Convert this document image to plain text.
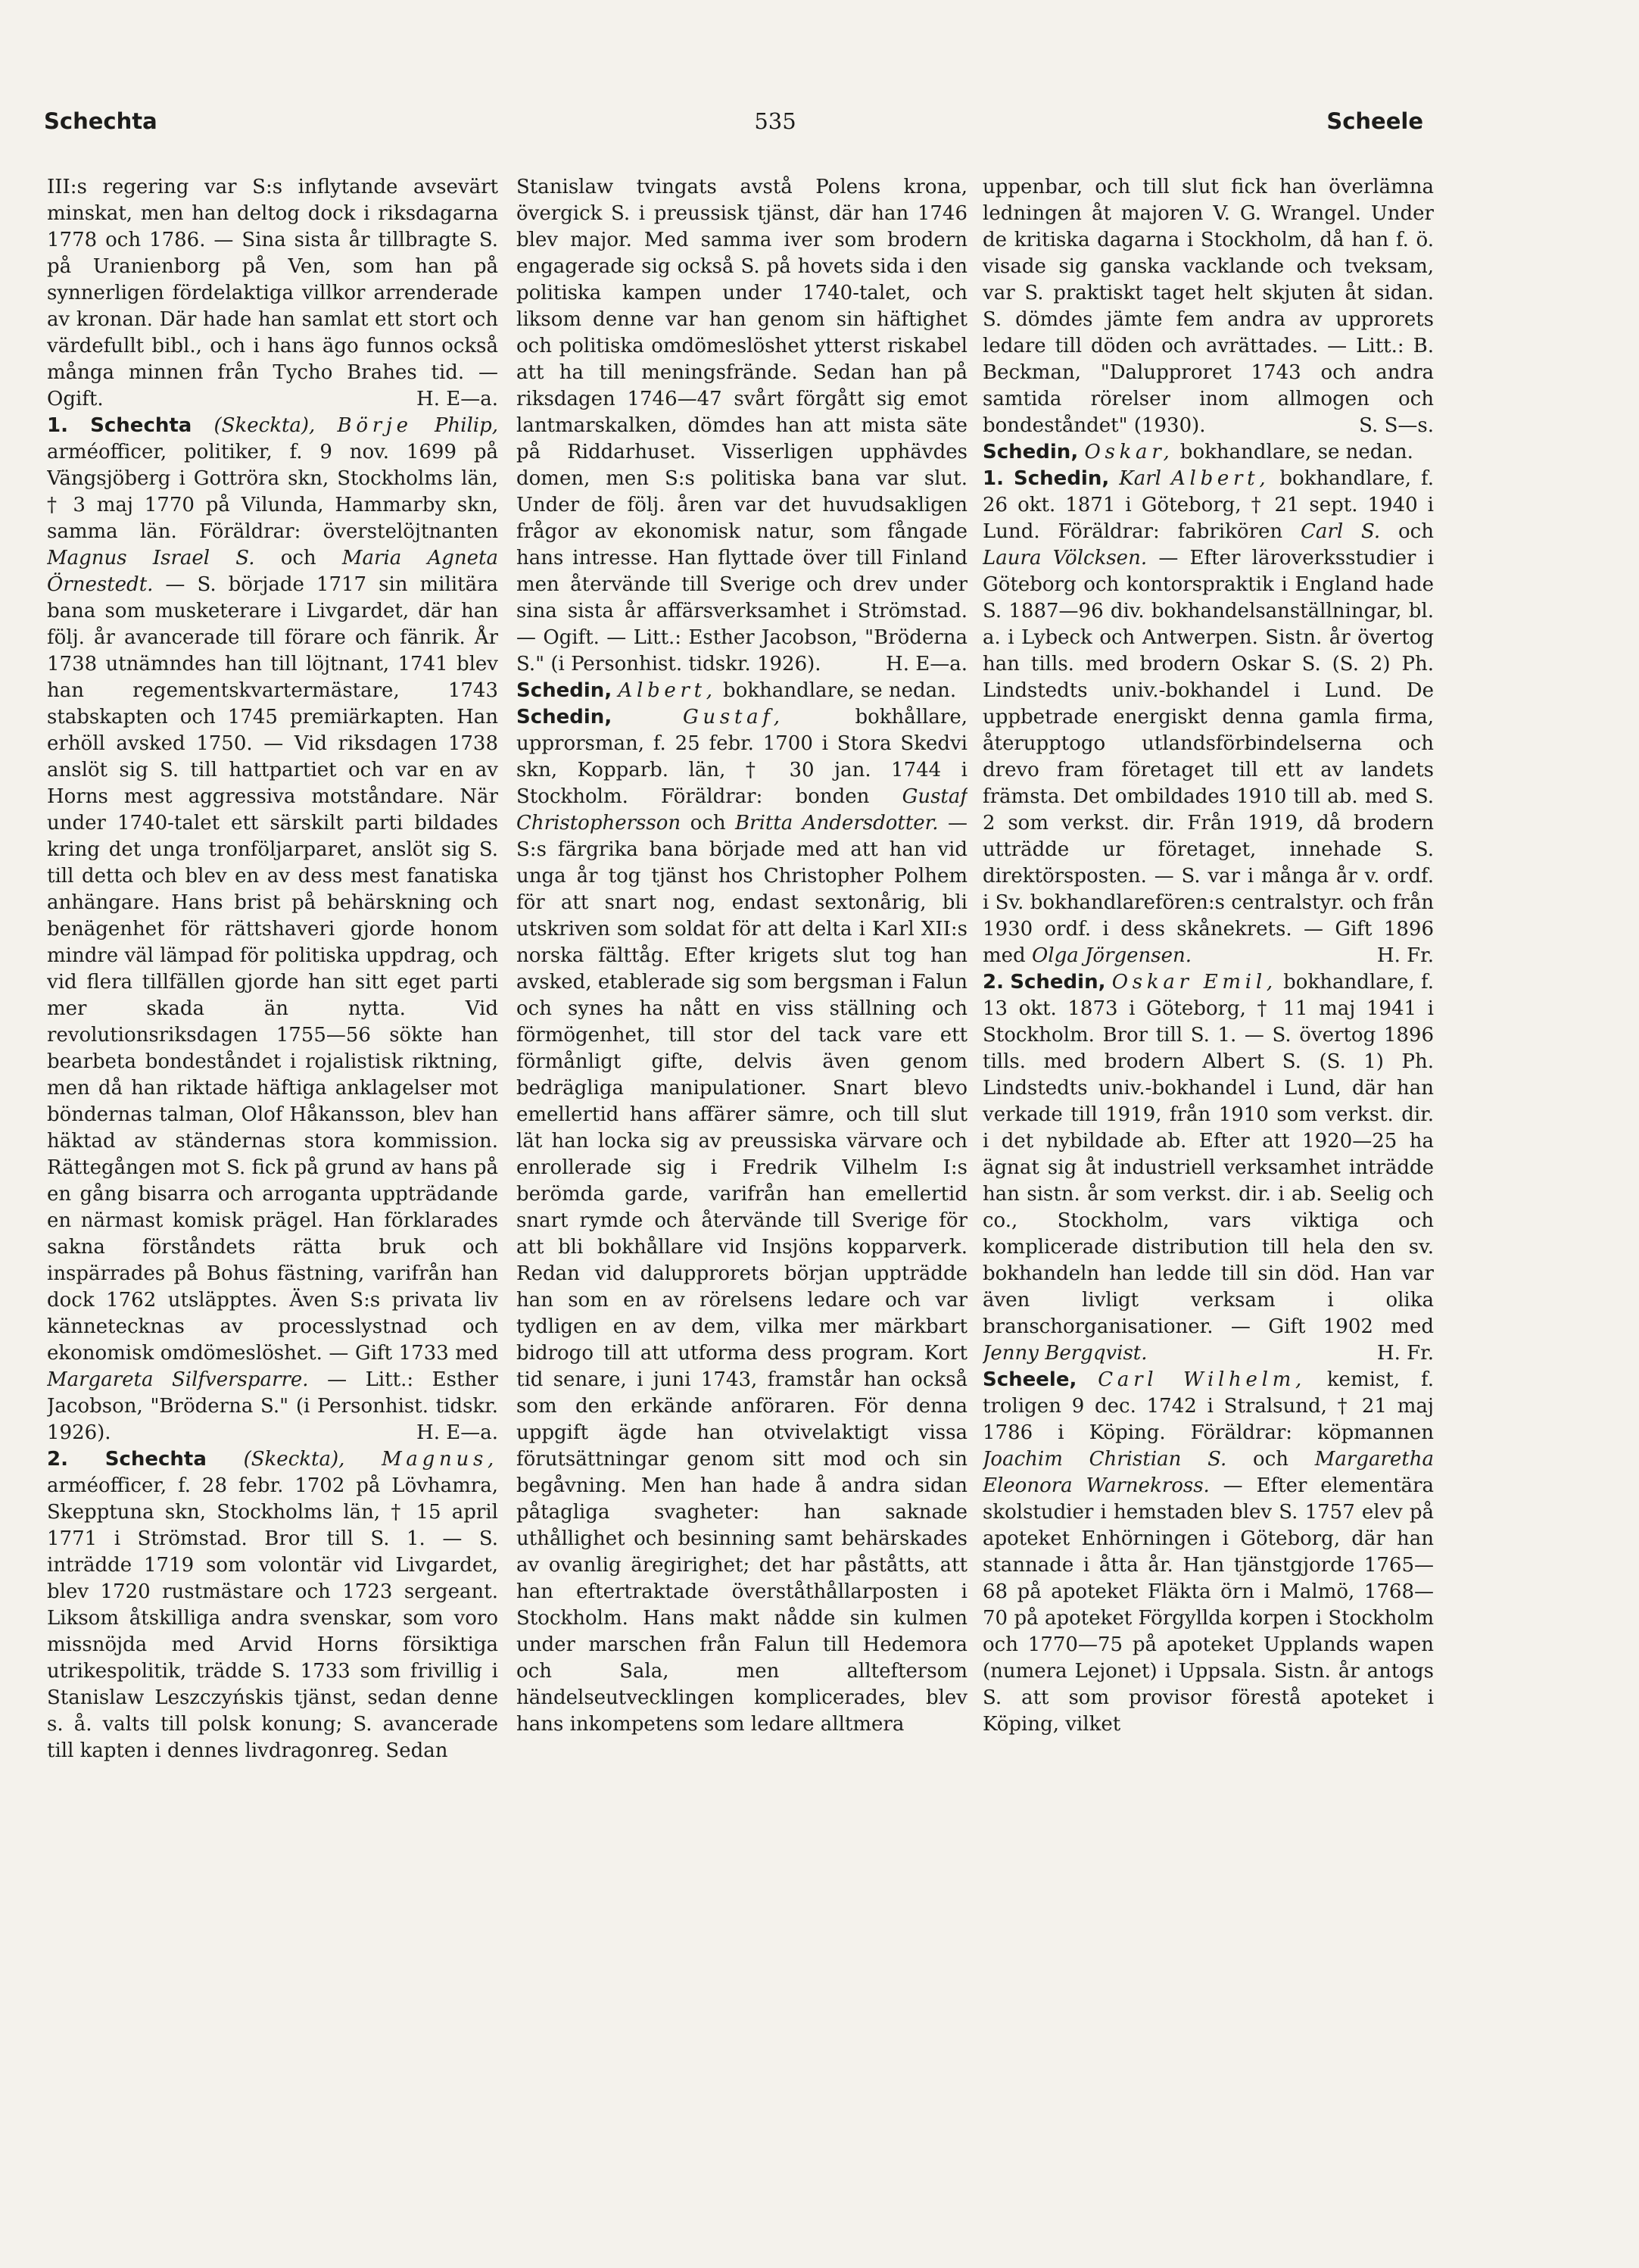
Schechta	535	Scheele

III:s regering var S:s inflytande avsevärt minskat, men han deltog dock i riksdagarna 1778 och 1786. — Sina sista år tillbragte S. på Uranienborg på Ven, som han på synnerligen fördelaktiga villkor arrenderade av kronan. Där hade han samlat ett stort och värdefullt bibl., och i hans ägo funnos också många minnen från Tycho Brahes tid. — Ogift.	H. E—a.

1. Schechta (Skeckta), Börje Philip, arméofficer, politiker, f. 9 nov. 1699 på Vängsjöberg i Gottröra skn, Stockholms län, † 3 maj 1770 på Vilunda, Hammarby skn, samma län. Föräldrar: överstelöjtnanten Magnus Israel S. och Maria Agneta Örnestedt. — S. började 1717 sin militära bana som musketerare i Livgardet, där han följ. år avancerade till förare och fänrik. År 1738 utnämndes han till löjtnant, 1741 blev han regementskvartermästare, 1743 stabskapten och 1745 premiärkapten. Han erhöll avsked 1750. — Vid riksdagen 1738 anslöt sig S. till hattpartiet och var en av Horns mest aggressiva motståndare. När under 1740-talet ett särskilt parti bildades kring det unga tronföljarparet, anslöt sig S. till detta och blev en av dess mest fanatiska anhängare. Hans brist på behärskning och benägenhet för rättshaveri gjorde honom mindre väl lämpad för politiska uppdrag, och vid flera tillfällen gjorde han sitt eget parti mer skada än nytta. Vid revolutionsriksdagen 1755—56 sökte han bearbeta bondeståndet i rojalistisk riktning, men då han riktade häftiga anklagelser mot böndernas talman, Olof Håkansson, blev han häktad av ständernas stora kommission. Rättegången mot S. fick på grund av hans på en gång bisarra och arroganta uppträdande en närmast komisk prägel. Han förklarades sakna förståndets rätta bruk och inspärrades på Bohus fästning, varifrån han dock 1762 utsläpptes. Även S:s privata liv kännetecknas av processlystnad och ekonomisk omdömeslöshet. — Gift 1733 med Margareta Silfversparre. — Litt.: Esther Jacobson, "Bröderna S." (i Personhist. tidskr. 1926).	H. E—a.

2. Schechta (Skeckta), Magnus, arméofficer, f. 28 febr. 1702 på Lövhamra, Skepptuna skn, Stockholms län, † 15 april 1771 i Strömstad. Bror till S. 1. — S. inträdde 1719 som volontär vid Livgardet, blev 1720 rustmästare och 1723 sergeant. Liksom åtskilliga andra svenskar, som voro missnöjda med Arvid Horns försiktiga utrikespolitik, trädde S. 1733 som frivillig i Stanislaw Leszczyńskis tjänst, sedan denne s. å. valts till polsk konung; S. avancerade till kapten i dennes livdragonreg. Sedan

Stanislaw tvingats avstå Polens krona, övergick S. i preussisk tjänst, där han 1746 blev major. Med samma iver som brodern engagerade sig också S. på hovets sida i den politiska kampen under 1740-talet, och liksom denne var han genom sin häftighet och politiska omdömeslöshet ytterst riskabel att ha till meningsfrände. Sedan han på riksdagen 1746—47 svårt förgått sig emot lantmarskalken, dömdes han att mista säte på Riddarhuset. Visserligen upphävdes domen, men S:s politiska bana var slut. Under de följ. åren var det huvudsakligen frågor av ekonomisk natur, som fångade hans intresse. Han flyttade över till Finland men återvände till Sverige och drev under sina sista år affärsverksamhet i Strömstad. — Ogift. — Litt.: Esther Jacobson, "Bröderna S." (i Personhist. tidskr. 1926).	H. E—a.

Schedin, Albert, bokhandlare, se nedan.

Schedin,	Gustaf, bokhållare, upprorsman, f. 25 febr. 1700 i Stora Skedvi skn, Kopparb. län, † 30 jan. 1744 i Stockholm. Föräldrar: bonden Gustaf Christophersson och Britta Andersdotter. — S:s färgrika bana började med att han vid unga år tog tjänst hos Christopher Polhem för att snart nog, endast sextonårig, bli utskriven som soldat för att delta i Karl XII:s norska fälttåg. Efter krigets slut tog han avsked, etablerade sig som bergsman i Falun och synes ha nått en viss ställning och förmögenhet, till stor del tack vare ett förmånligt gifte, delvis även genom bedrägliga manipulationer. Snart blevo emellertid hans affärer sämre, och till slut lät han locka sig av preussiska värvare och enrollerade sig i Fredrik Vilhelm I:s berömda garde, varifrån han emellertid snart rymde och återvände till Sverige för att bli bokhållare vid Insjöns kopparverk. Redan vid dalupprorets början uppträdde han som en av rörelsens ledare och var tydligen en av dem, vilka mer märkbart bidrogo till att utforma dess program. Kort tid senare, i juni 1743, framstår han också som den erkände anföraren. För denna uppgift ägde han otvivelaktigt vissa förutsättningar genom sitt mod och sin begåvning. Men han hade å andra sidan påtagliga svagheter: han saknade uthållighet och besinning samt behärskades av ovanlig äregirighet; det har påståtts, att han eftertraktade överståthållarposten i Stockholm. Hans makt nådde sin kulmen under marschen från Falun till Hedemora och Sala, men allteftersom händelseutvecklingen komplicerades, blev hans inkompetens som ledare alltmera

uppenbar, och till slut fick han överlämna ledningen åt majoren V. G. Wrangel. Under de kritiska dagarna i Stockholm, då han f. ö. visade sig ganska vacklande och tveksam, var S. praktiskt taget helt skjuten åt sidan. S. dömdes jämte fem andra av upprorets ledare till döden och avrättades. — Litt.: B. Beckman, "Dalupproret 1743 och andra samtida rörelser inom allmogen och bondeståndet" (1930).	S. S—s.

Schedin, Oskar, bokhandlare, se nedan.

1. Schedin, Karl Albert, bokhandlare, f. 26 okt. 1871 i Göteborg, † 21 sept. 1940 i Lund. Föräldrar: fabrikören Carl S. och Laura Völcksen. — Efter läroverksstudier i Göteborg och kontorspraktik i England hade S. 1887—96 div. bokhandelsanställningar, bl. a. i Lybeck och Antwerpen. Sistn. år övertog han tills. med brodern Oskar S. (S. 2) Ph. Lindstedts univ.-bokhandel i Lund. De uppbetrade energiskt denna gamla firma, återupptogo utlandsförbindelserna och drevo fram företaget till ett av landets främsta. Det ombildades 1910 till ab. med S. 2 som verkst. dir. Från 1919, då brodern utträdde ur företaget, innehade S. direktörsposten. — S. var i många år v. ordf. i Sv. bokhandlarefören:s centralstyr. och från 1930 ordf. i dess skånekrets. — Gift 1896 med Olga Jörgensen.	H. Fr.

2. Schedin, Oskar Emil, bokhandlare, f. 13 okt. 1873 i Göteborg, † 11 maj 1941 i Stockholm. Bror till S. 1. — S. övertog 1896 tills. med brodern Albert S. (S. 1) Ph. Lindstedts univ.-bokhandel i Lund, där han verkade till 1919, från 1910 som verkst. dir. i det nybildade ab. Efter att 1920—25 ha ägnat sig åt industriell verksamhet inträdde han sistn. år som verkst. dir. i ab. Seelig och co., Stockholm, vars viktiga och komplicerade distribution till hela den sv. bokhandeln han ledde till sin död. Han var även livligt verksam i olika branschorganisationer. — Gift 1902 med Jenny Bergqvist.	H. Fr.

Scheele, Carl Wilhelm, kemist, f. troligen 9 dec. 1742 i Stralsund, † 21 maj 1786 i Köping. Föräldrar: köpmannen Joachim Christian S. och Margaretha Eleonora Warnekross. — Efter elementära skolstudier i hemstaden blev S. 1757 elev på apoteket Enhörningen i Göteborg, där han stannade i åtta år. Han tjänstgjorde 1765—68 på apoteket Fläkta örn i Malmö, 1768—70 på apoteket Förgyllda korpen i Stockholm och 1770—75 på apoteket Upplands wapen (numera Lejonet) i Uppsala. Sistn. år antogs S. att som provisor förestå apoteket i Köping, vilket
